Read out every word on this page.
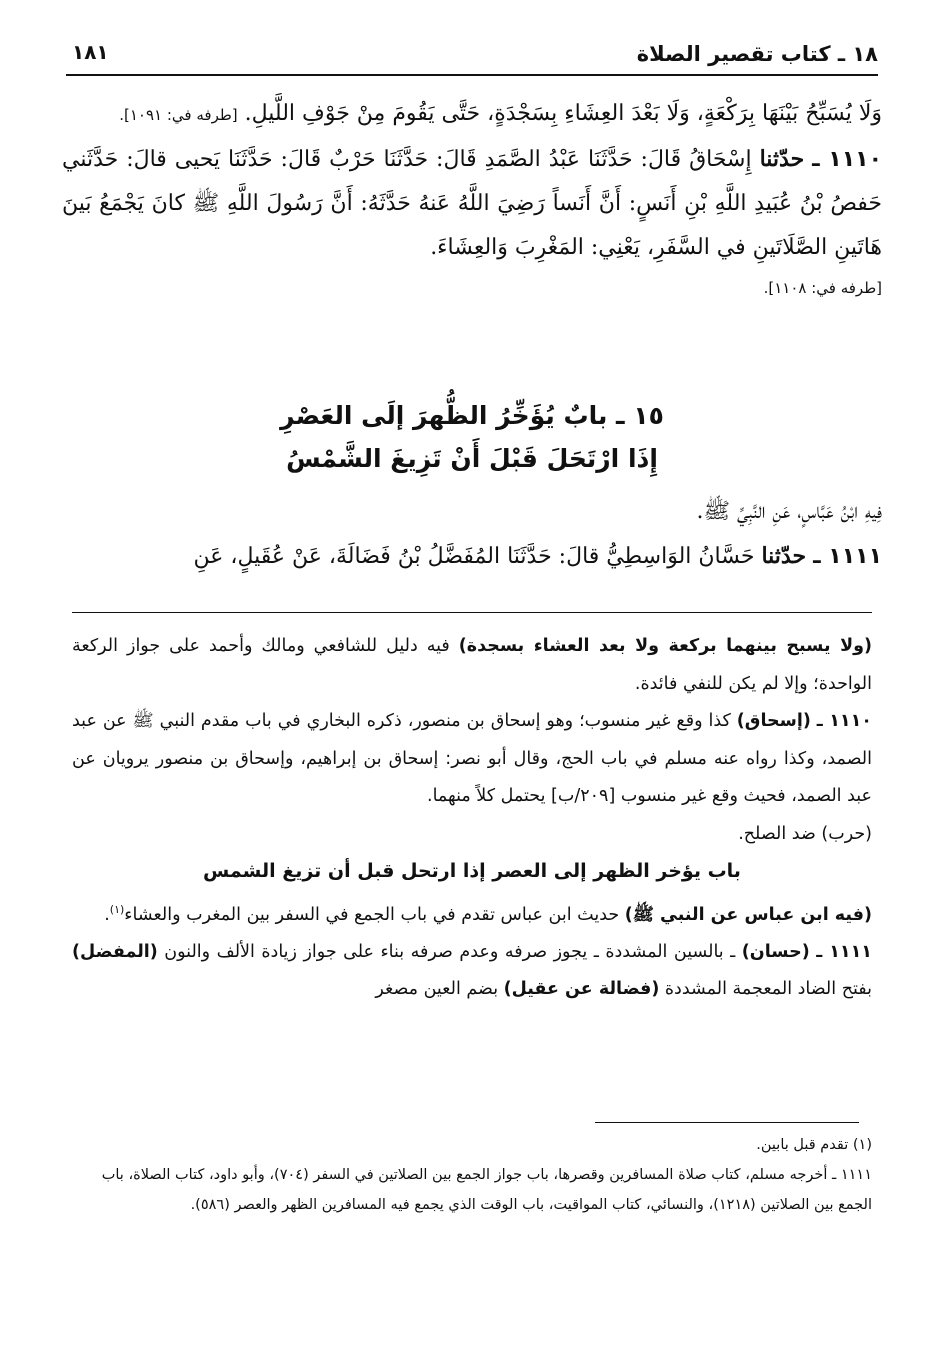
١٨ ـ كتاب تقصير الصلاة
١٨١

وَلَا يُسَبِّحُ بَيْنَهَا بِرَكْعَةٍ، وَلَا بَعْدَ العِشَاءِ بِسَجْدَةٍ، حَتَّى يَقُومَ مِنْ جَوْفِ اللَّيلِ. [طرفه في: ١٠٩١].

١١١٠ ـ حدّثنا إِسْحَاقُ قَالَ: حَدَّثَنَا عَبْدُ الصَّمَدِ قَالَ: حَدَّثَنَا حَرْبٌ قَالَ: حَدَّثَنَا يَحيى قالَ: حَدَّثَني حَفصُ بْنُ عُبَيدِ اللَّهِ بْنِ أَنَسٍ: أَنَّ أَنَساً رَضِيَ اللَّهُ عَنهُ حَدَّثَهُ: أَنَّ رَسُولَ اللَّهِ ﷺ كانَ يَجْمَعُ بَينَ هَاتَينِ الصَّلَاتَينِ في السَّفَرِ، يَعْنِي: المَغْرِبَ وَالعِشَاءَ.

[طرفه في: ١١٠٨].

١٥ ـ بابٌ يُؤَخِّرُ الظُّهرَ إلَى العَصْرِ
إِذَا ارْتَحَلَ قَبْلَ أَنْ تَزِيغَ الشَّمْسُ

فِيهِ ابْنُ عَبَّاسٍ، عَنِ النَّبِيِّ ﷺ.

١١١١ ـ حدّثنا حَسَّانُ الوَاسِطِيُّ قالَ: حَدَّثَنَا المُفَضَّلُ بْنُ فَضَالَةَ، عَنْ عُقَيلٍ، عَنِ

(ولا يسبح بينهما بركعة ولا بعد العشاء بسجدة) فيه دليل للشافعي ومالك وأحمد على جواز الركعة الواحدة؛ وإلا لم يكن للنفي فائدة.

١١١٠ ـ (إسحاق) كذا وقع غير منسوب؛ وهو إسحاق بن منصور، ذكره البخاري في باب مقدم النبي ﷺ عن عبد الصمد، وكذا رواه عنه مسلم في باب الحج، وقال أبو نصر: إسحاق بن إبراهيم، وإسحاق بن منصور يرويان عن عبد الصمد، فحيث وقع غير منسوب [٢٠٩/ب] يحتمل كلاً منهما.

(حرب) ضد الصلح.

باب يؤخر الظهر إلى العصر إذا ارتحل قبل أن تزيغ الشمس

(فيه ابن عباس عن النبي ﷺ) حديث ابن عباس تقدم في باب الجمع في السفر بين المغرب والعشاء$^{(١)}$.

١١١١ ـ (حسان) ـ بالسين المشددة ـ يجوز صرفه وعدم صرفه بناء على جواز زيادة الألف والنون (المفضل) بفتح الضاد المعجمة المشددة (فضالة عن عقيل) بضم العين مصغر

(١) تقدم قبل بابين.

١١١١ ـ أخرجه مسلم، كتاب صلاة المسافرين وقصرها، باب جواز الجمع بين الصلاتين في السفر (٧٠٤)، وأبو داود، كتاب الصلاة، باب الجمع بين الصلاتين (١٢١٨)، والنسائي، كتاب المواقيت، باب الوقت الذي يجمع فيه المسافرين الظهر والعصر (٥٨٦).
